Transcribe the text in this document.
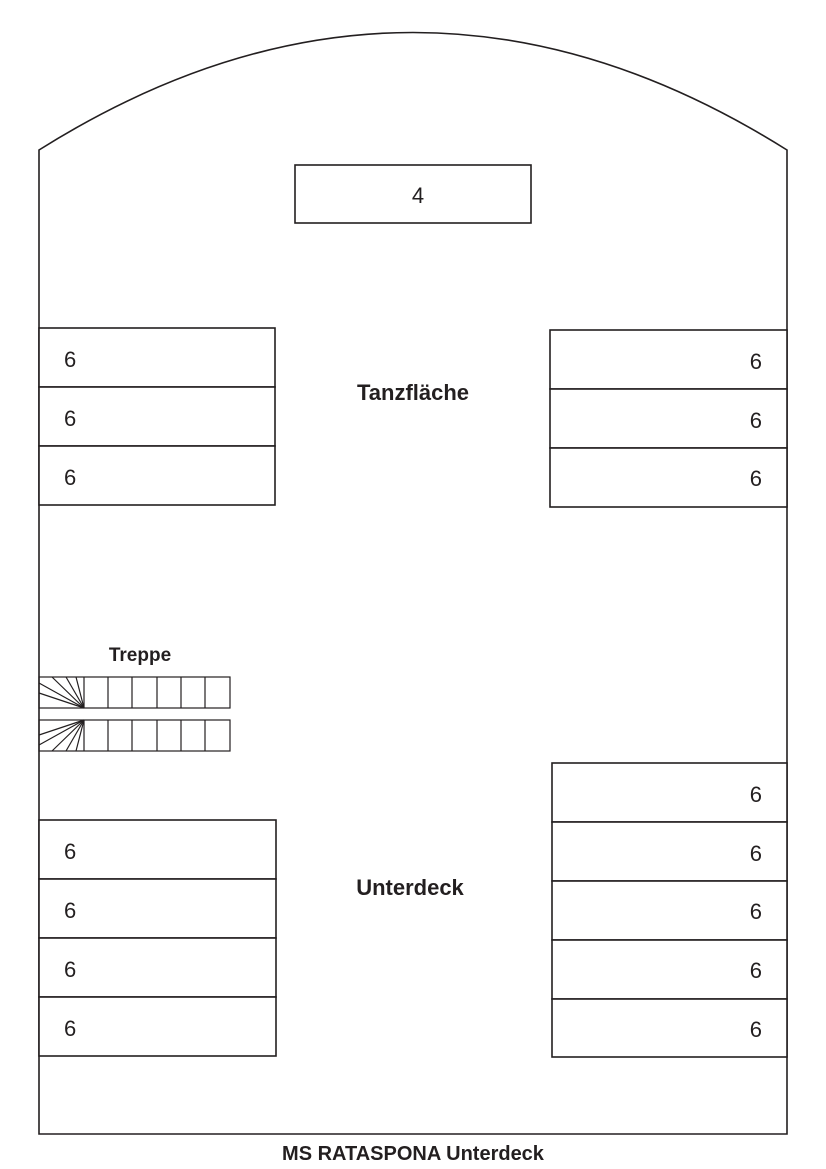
4
6
6
6
6
6
6
Tanzfläche
Unterdeck
Treppe
6
6
6
6
6
6
6
6
6
MS RATASPONA Unterdeck
